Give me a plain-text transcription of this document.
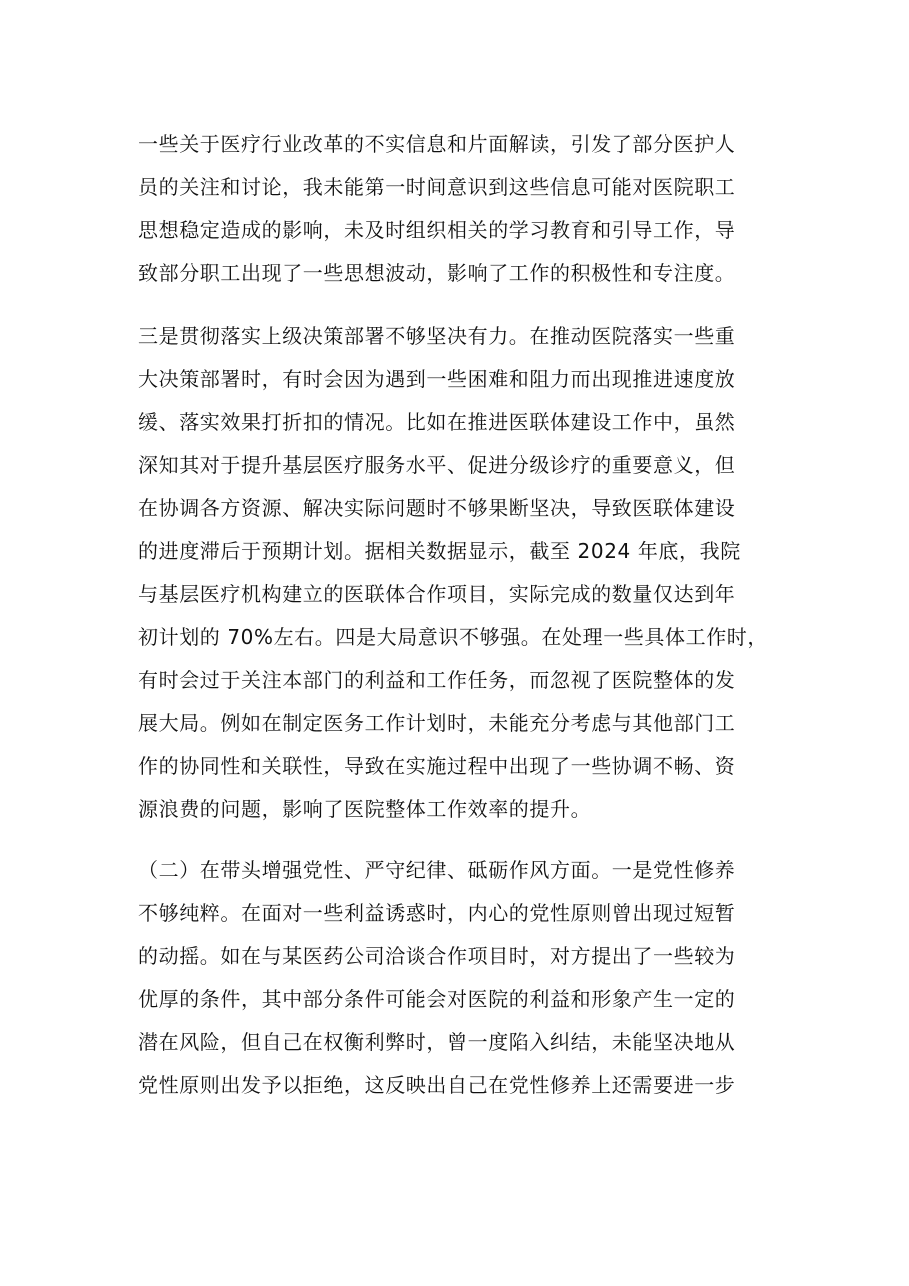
一些关于医疗行业改革的不实信息和片面解读，引发了部分医护人
员的关注和讨论，我未能第一时间意识到这些信息可能对医院职工
思想稳定造成的影响，未及时组织相关的学习教育和引导工作，导
致部分职工出现了一些思想波动，影响了工作的积极性和专注度。
三是贯彻落实上级决策部署不够坚决有力。在推动医院落实一些重
大决策部署时，有时会因为遇到一些困难和阻力而出现推进速度放
缓、落实效果打折扣的情况。比如在推进医联体建设工作中，虽然
深知其对于提升基层医疗服务水平、促进分级诊疗的重要意义，但
在协调各方资源、解决实际问题时不够果断坚决，导致医联体建设
的进度滞后于预期计划。据相关数据显示，截至 2024 年底，我院
与基层医疗机构建立的医联体合作项目，实际完成的数量仅达到年
初计划的 70%左右。四是大局意识不够强。在处理一些具体工作时，
有时会过于关注本部门的利益和工作任务，而忽视了医院整体的发
展大局。例如在制定医务工作计划时，未能充分考虑与其他部门工
作的协同性和关联性，导致在实施过程中出现了一些协调不畅、资
源浪费的问题，影响了医院整体工作效率的提升。
（二）在带头增强党性、严守纪律、砥砺作风方面。一是党性修养
不够纯粹。在面对一些利益诱惑时，内心的党性原则曾出现过短暂
的动摇。如在与某医药公司洽谈合作项目时，对方提出了一些较为
优厚的条件，其中部分条件可能会对医院的利益和形象产生一定的
潜在风险，但自己在权衡利弊时，曾一度陷入纠结，未能坚决地从
党性原则出发予以拒绝，这反映出自己在党性修养上还需要进一步
